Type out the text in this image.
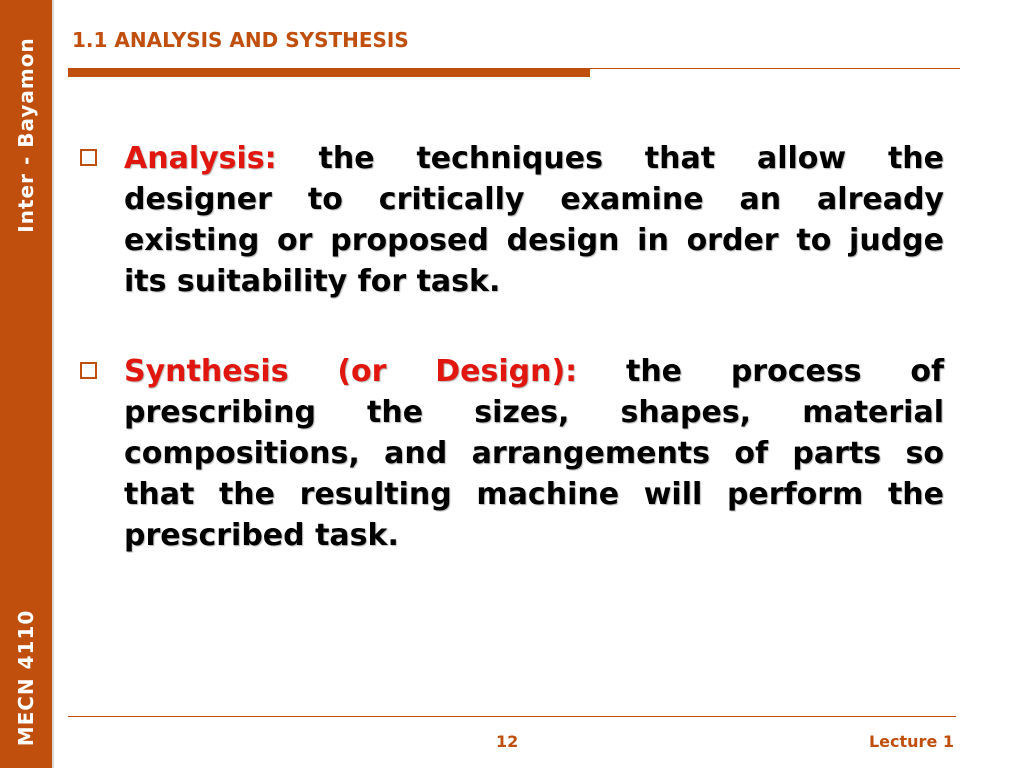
Inter - Bayamon
MECN 4110
1.1 ANALYSIS AND SYSTHESIS

Analysis: the techniques that allow the designer to critically examine an already existing or proposed design in order to judge its suitability for task.

Synthesis (or Design): the process of prescribing the sizes, shapes, material compositions, and arrangements of parts so that the resulting machine will perform the prescribed task.

12	Lecture 1
